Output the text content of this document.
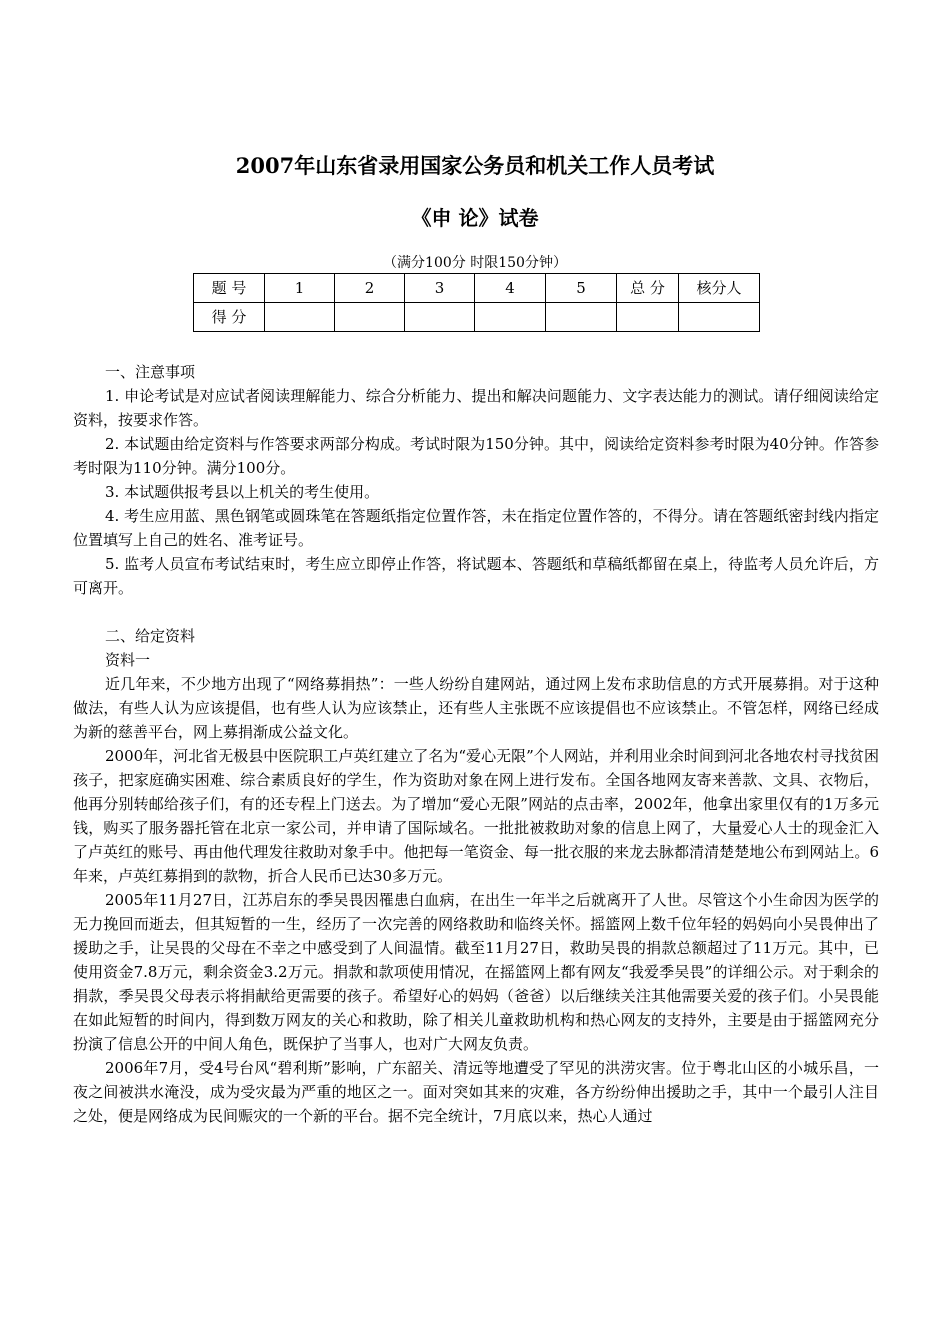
2007年山东省录用国家公务员和机关工作人员考试
《申 论》试卷
（满分100分 时限150分钟）
题 号	1	2	3	4	5	总 分	核分人
得 分							

一、注意事项

1. 申论考试是对应试者阅读理解能力、综合分析能力、提出和解决问题能力、文字表达能力的测试。请仔细阅读给定资料，按要求作答。

2. 本试题由给定资料与作答要求两部分构成。考试时限为150分钟。其中，阅读给定资料参考时限为40分钟。作答参考时限为110分钟。满分100分。

3. 本试题供报考县以上机关的考生使用。

4. 考生应用蓝、黑色钢笔或圆珠笔在答题纸指定位置作答，未在指定位置作答的，不得分。请在答题纸密封线内指定位置填写上自己的姓名、准考证号。

5. 监考人员宣布考试结束时，考生应立即停止作答，将试题本、答题纸和草稿纸都留在桌上，待监考人员允许后，方可离开。

二、给定资料

资料一

近几年来，不少地方出现了“网络募捐热”：一些人纷纷自建网站，通过网上发布求助信息的方式开展募捐。对于这种做法，有些人认为应该提倡，也有些人认为应该禁止，还有些人主张既不应该提倡也不应该禁止。不管怎样，网络已经成为新的慈善平台，网上募捐渐成公益文化。

2000年，河北省无极县中医院职工卢英红建立了名为“爱心无限”个人网站，并利用业余时间到河北各地农村寻找贫困孩子，把家庭确实困难、综合素质良好的学生，作为资助对象在网上进行发布。全国各地网友寄来善款、文具、衣物后，他再分别转邮给孩子们，有的还专程上门送去。为了增加“爱心无限”网站的点击率，2002年，他拿出家里仅有的1万多元钱，购买了服务器托管在北京一家公司，并申请了国际域名。一批批被救助对象的信息上网了，大量爱心人士的现金汇入了卢英红的账号、再由他代理发往救助对象手中。他把每一笔资金、每一批衣服的来龙去脉都清清楚楚地公布到网站上。6年来，卢英红募捐到的款物，折合人民币已达30多万元。

2005年11月27日，江苏启东的季吴畏因罹患白血病，在出生一年半之后就离开了人世。尽管这个小生命因为医学的无力挽回而逝去，但其短暂的一生，经历了一次完善的网络救助和临终关怀。摇篮网上数千位年轻的妈妈向小吴畏伸出了援助之手，让吴畏的父母在不幸之中感受到了人间温情。截至11月27日，救助吴畏的捐款总额超过了11万元。其中，已使用资金7.8万元，剩余资金3.2万元。捐款和款项使用情况，在摇篮网上都有网友“我爱季吴畏”的详细公示。对于剩余的捐款，季吴畏父母表示将捐献给更需要的孩子。希望好心的妈妈（爸爸）以后继续关注其他需要关爱的孩子们。小吴畏能在如此短暂的时间内，得到数万网友的关心和救助，除了相关儿童救助机构和热心网友的支持外，主要是由于摇篮网充分扮演了信息公开的中间人角色，既保护了当事人，也对广大网友负责。

2006年7月，受4号台风“碧利斯”影响，广东韶关、清远等地遭受了罕见的洪涝灾害。位于粤北山区的小城乐昌，一夜之间被洪水淹没，成为受灾最为严重的地区之一。面对突如其来的灾难，各方纷纷伸出援助之手，其中一个最引人注目之处，便是网络成为民间赈灾的一个新的平台。据不完全统计，7月底以来，热心人通过
